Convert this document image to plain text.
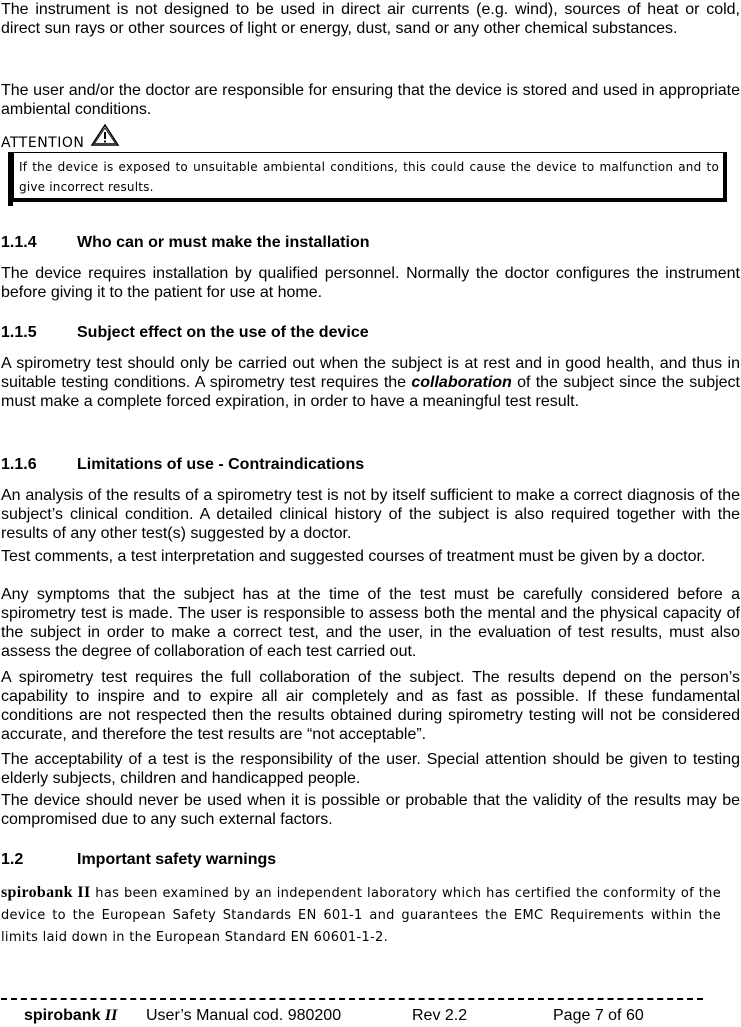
The instrument is not designed to be used in direct air currents (e.g. wind), sources of heat or cold, direct sun rays or other sources of light or energy, dust, sand or any other chemical substances.

The user and/or the doctor are responsible for ensuring that the device is stored and used in appropriate ambiental conditions.

ATTENTION
If the device is exposed to unsuitable ambiental conditions, this could cause the device to malfunction and to give incorrect results.
1.1.4	Who can or must make the installation

The device requires installation by qualified personnel. Normally the doctor configures the instrument before giving it to the patient for use at home.

1.1.5	Subject effect on the use of the device

A spirometry test should only be carried out when the subject is at rest and in good health, and thus in suitable testing conditions. A spirometry test requires the collaboration of the subject since the subject must make a complete forced expiration, in order to have a meaningful test result.

1.1.6	Limitations of use - Contraindications

An analysis of the results of a spirometry test is not by itself sufficient to make a correct diagnosis of the subject’s clinical condition. A detailed clinical history of the subject is also required together with the results of any other test(s) suggested by a doctor.

Test comments, a test interpretation and suggested courses of treatment must be given by a doctor.

Any symptoms that the subject has at the time of the test must be carefully considered before a spirometry test is made. The user is responsible to assess both the mental and the physical capacity of the subject in order to make a correct test, and the user, in the evaluation of test results, must also assess the degree of collaboration of each test carried out.

A spirometry test requires the full collaboration of the subject. The results depend on the person’s capability to inspire and to expire all air completely and as fast as possible. If these fundamental conditions are not respected then the results obtained during spirometry testing will not be considered accurate, and therefore the test results are “not acceptable”.

The acceptability of a test is the responsibility of the user. Special attention should be given to testing elderly subjects, children and handicapped people.

The device should never be used when it is possible or probable that the validity of the results may be compromised due to any such external factors.

1.2	Important safety warnings
spirobank II has been examined by an independent laboratory which has certified the conformity of the device to the European Safety Standards EN 601-1 and guarantees the EMC Requirements within the limits laid down in the European Standard EN 60601-1-2.
spirobank II User’s Manual cod. 980200	Rev 2.2	Page 7 of 60
